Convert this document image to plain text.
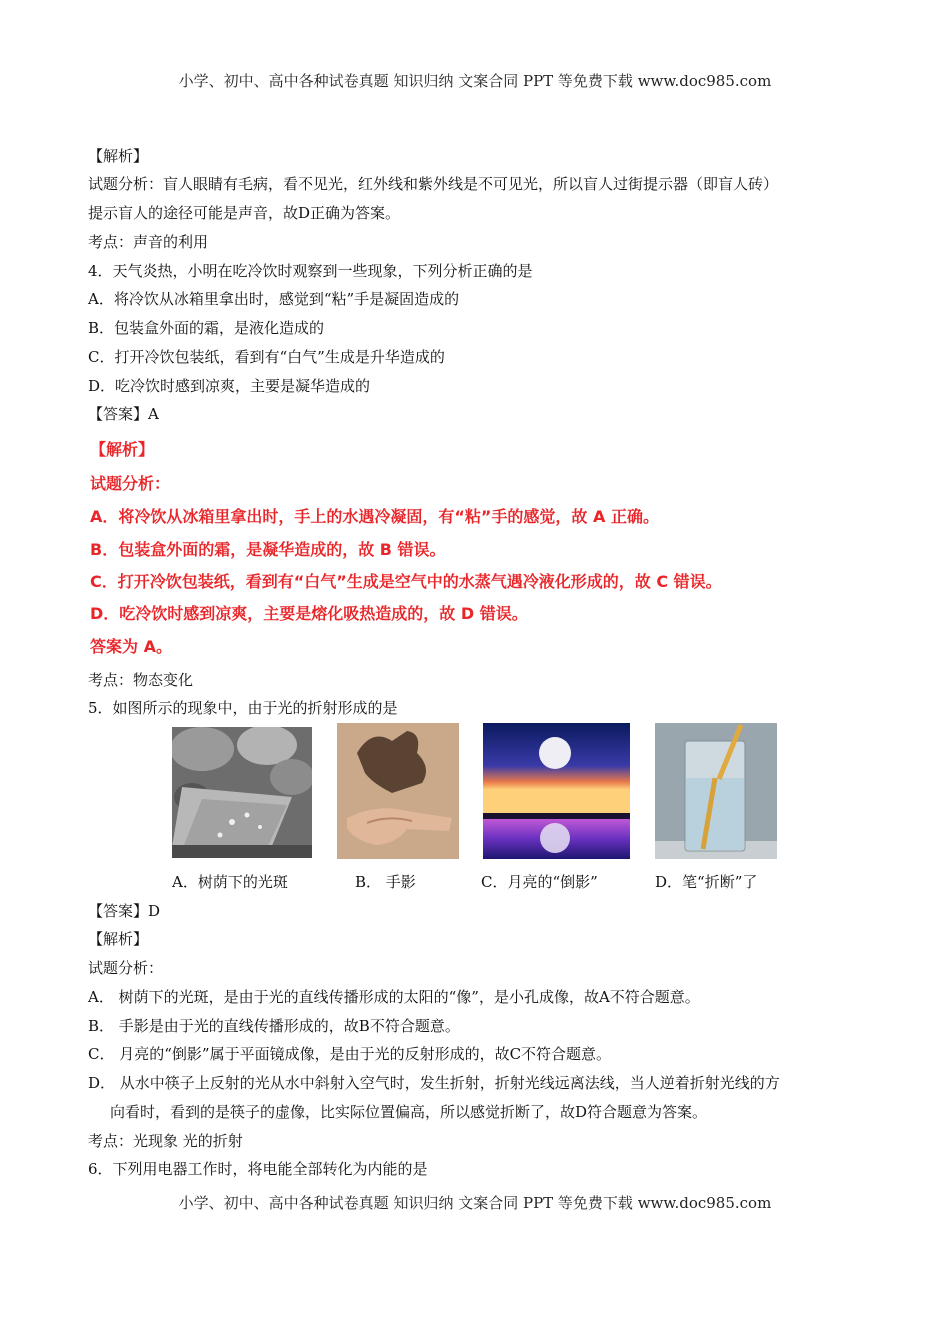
小学、初中、高中各种试卷真题 知识归纳 文案合同 PPT 等免费下载 www.doc985.com
【解析】
试题分析：盲人眼睛有毛病，看不见光，红外线和紫外线是不可见光，所以盲人过街提示器（即盲人砖）
提示盲人的途径可能是声音，故D正确为答案。
考点：声音的利用
4．天气炎热，小明在吃冷饮时观察到一些现象，下列分析正确的是
A．将冷饮从冰箱里拿出时，感觉到“粘”手是凝固造成的
B．包装盒外面的霜，是液化造成的
C．打开冷饮包装纸，看到有“白气”生成是升华造成的
D．吃冷饮时感到凉爽，主要是凝华造成的
【答案】A
【解析】
试题分析：
A．将冷饮从冰箱里拿出时，手上的水遇冷凝固，有“粘”手的感觉，故 A 正确。
B．包装盒外面的霜，是凝华造成的，故 B 错误。
C．打开冷饮包装纸，看到有“白气”生成是空气中的水蒸气遇冷液化形成的，故 C 错误。
D．吃冷饮时感到凉爽，主要是熔化吸热造成的，故 D 错误。
答案为 A。
考点：物态变化
5．如图所示的现象中，由于光的折射形成的是
A．树荫下的光斑	B． 手影	C．月亮的“倒影”	D．笔“折断”了
【答案】D
【解析】
试题分析：
A． 树荫下的光斑，是由于光的直线传播形成的太阳的“像”，是小孔成像，故A不符合题意。
B． 手影是由于光的直线传播形成的，故B不符合题意。
C． 月亮的“倒影”属于平面镜成像，是由于光的反射形成的，故C不符合题意。
D． 从水中筷子上反射的光从水中斜射入空气时，发生折射，折射光线远离法线，当人逆着折射光线的方
向看时，看到的是筷子的虚像，比实际位置偏高，所以感觉折断了，故D符合题意为答案。
考点：光现象 光的折射
6．下列用电器工作时，将电能全部转化为内能的是
小学、初中、高中各种试卷真题 知识归纳 文案合同 PPT 等免费下载 www.doc985.com
